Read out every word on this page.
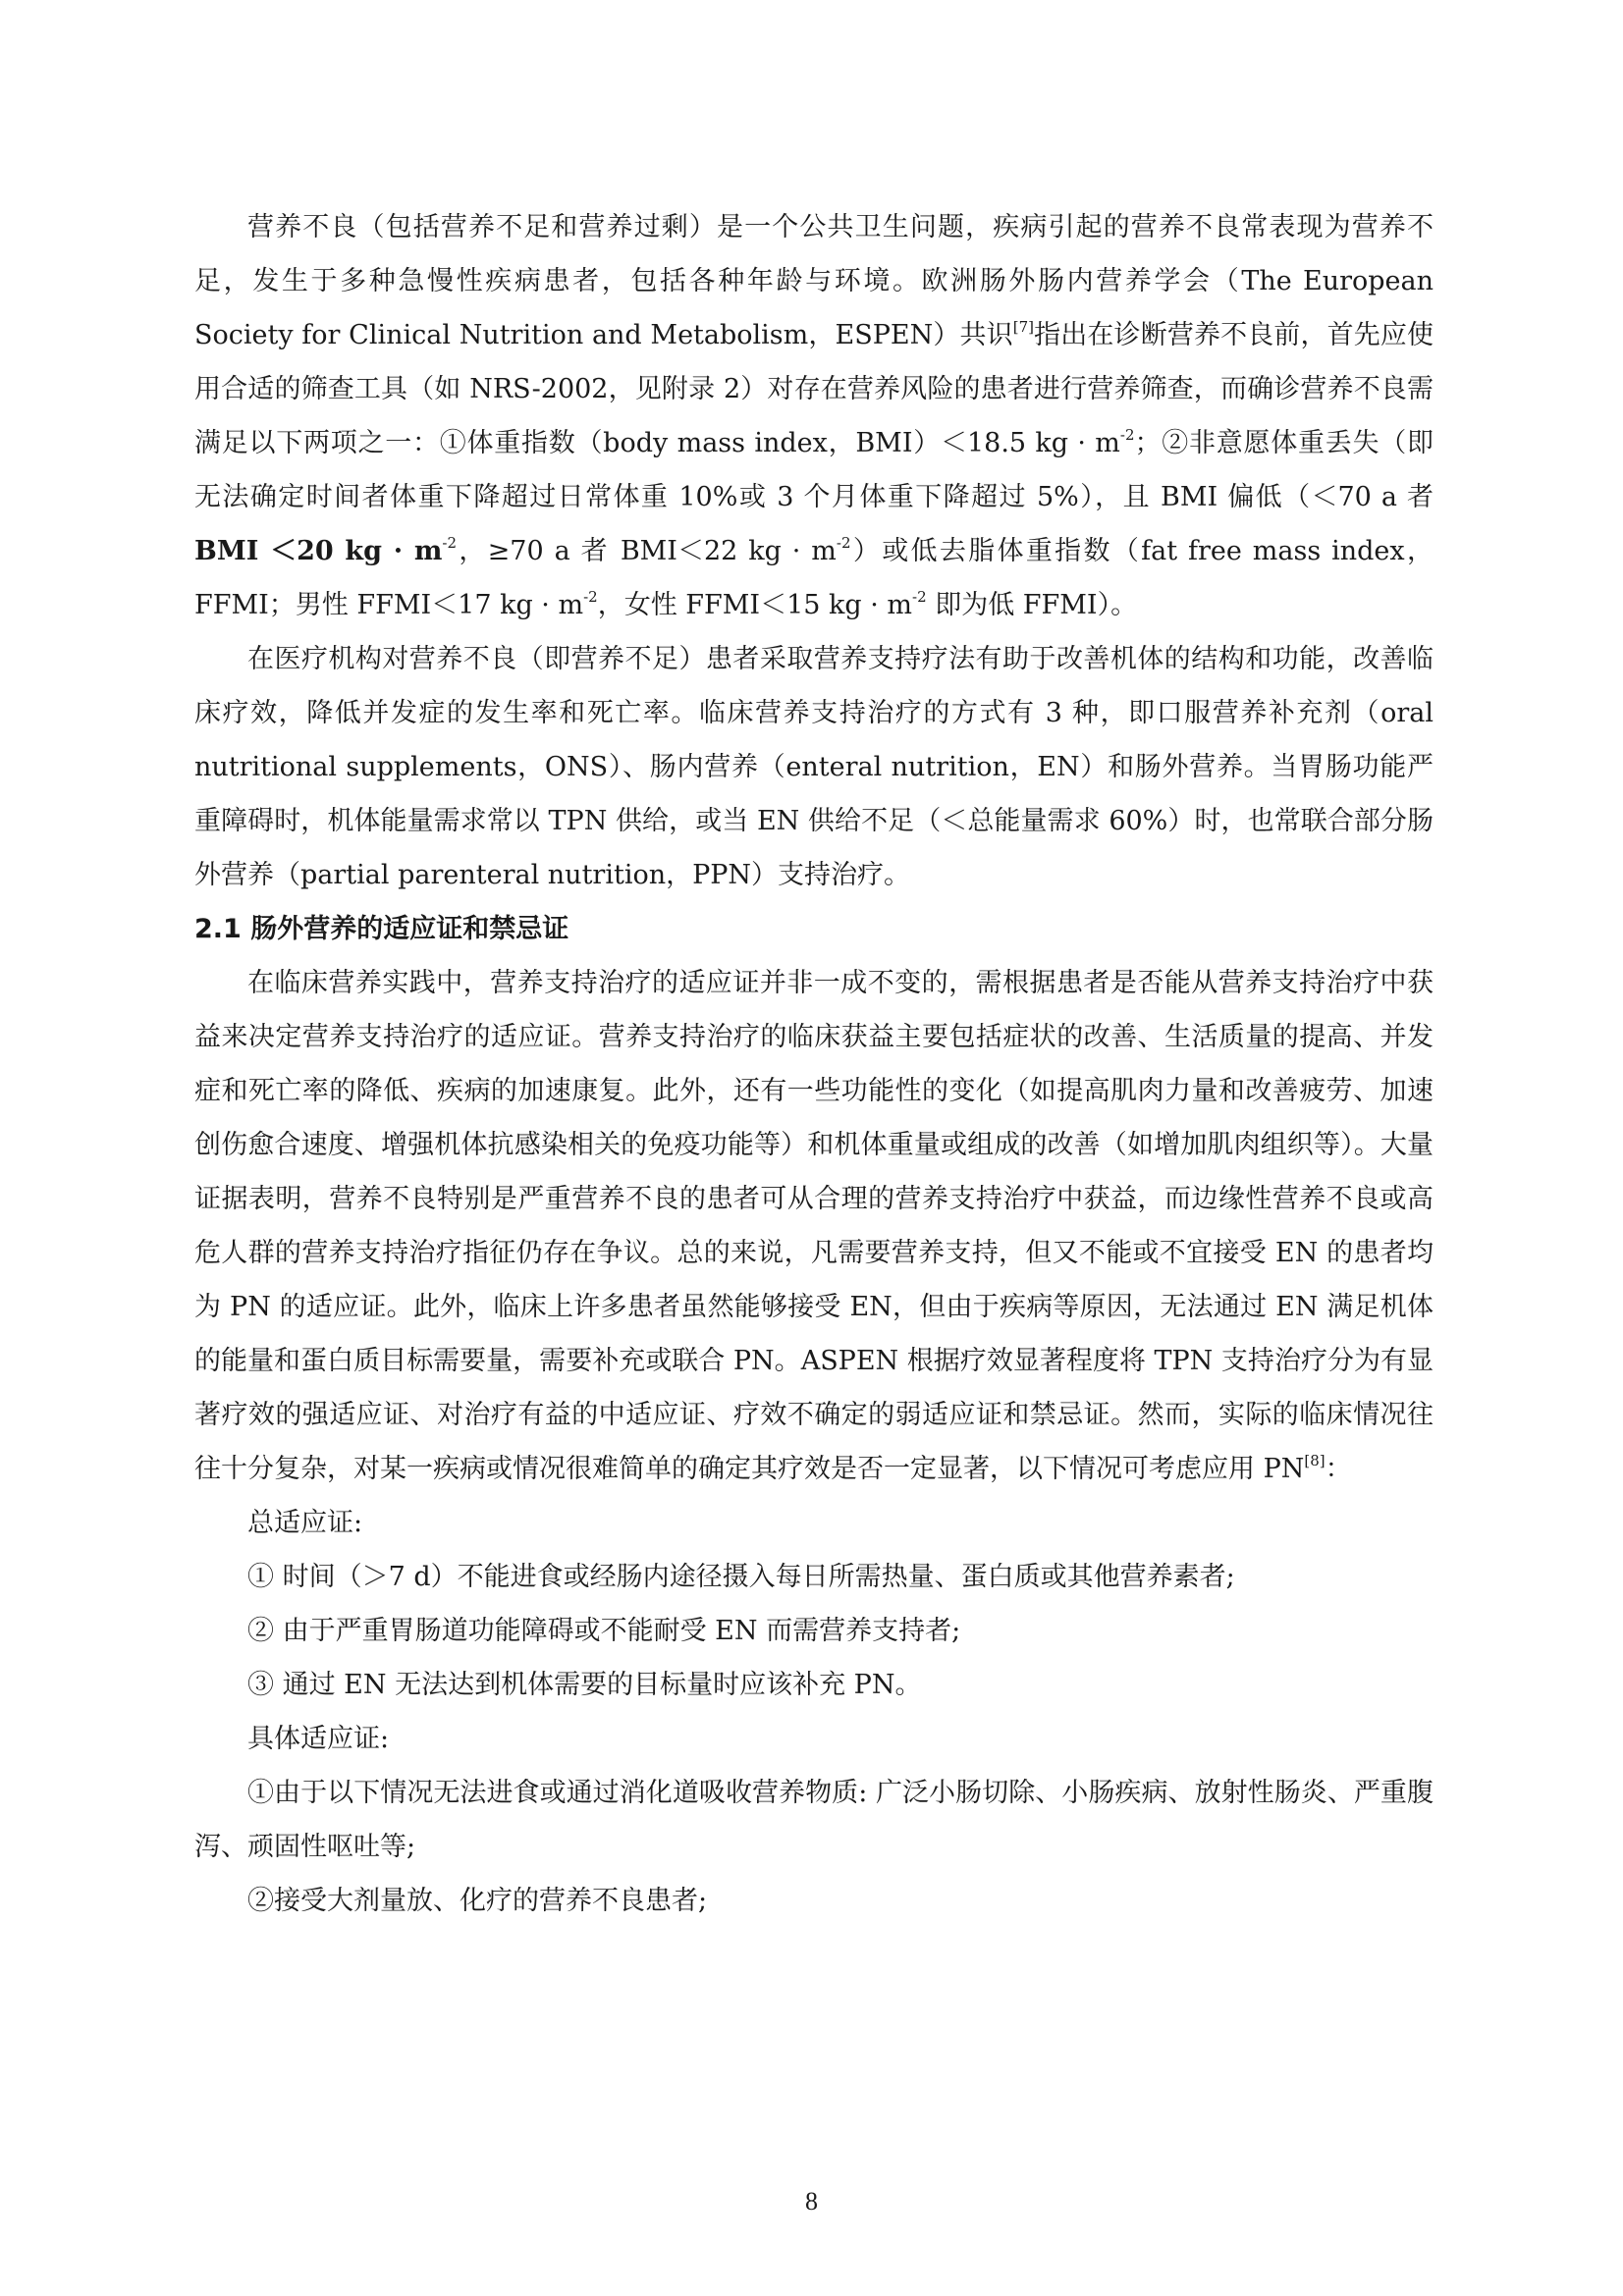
营养不良（包括营养不足和营养过剩）是一个公共卫生问题，疾病引起的营养不良常表现为营养不足，发生于多种急慢性疾病患者，包括各种年龄与环境。欧洲肠外肠内营养学会（The European Society for Clinical Nutrition and Metabolism，ESPEN）共识[7]指出在诊断营养不良前，首先应使用合适的筛查工具（如 NRS-2002，见附录 2）对存在营养风险的患者进行营养筛查，而确诊营养不良需满足以下两项之一：①体重指数（body mass index，BMI）＜18.5 kg · $m^{-2}$；②非意愿体重丢失（即无法确定时间者体重下降超过日常体重 10%或 3 个月体重下降超过 5%），且 BMI 偏低（＜70 a 者 BMI ＜20 kg · $m^{-2}$，≥70 a 者 BMI＜22 kg · $m^{-2}$）或低去脂体重指数（fat free mass index，FFMI；男性 FFMI＜17 kg · $m^{-2}$，女性 FFMI＜15 kg · $m^{-2}$ 即为低 FFMI）。

在医疗机构对营养不良（即营养不足）患者采取营养支持疗法有助于改善机体的结构和功能，改善临床疗效，降低并发症的发生率和死亡率。临床营养支持治疗的方式有 3 种，即口服营养补充剂（oral nutritional supplements，ONS）、肠内营养（enteral nutrition，EN）和肠外营养。当胃肠功能严重障碍时，机体能量需求常以 TPN 供给，或当 EN 供给不足（＜总能量需求 60%）时，也常联合部分肠外营养（partial parenteral nutrition，PPN）支持治疗。

2.1 肠外营养的适应证和禁忌证

在临床营养实践中，营养支持治疗的适应证并非一成不变的，需根据患者是否能从营养支持治疗中获益来决定营养支持治疗的适应证。营养支持治疗的临床获益主要包括症状的改善、生活质量的提高、并发症和死亡率的降低、疾病的加速康复。此外，还有一些功能性的变化（如提高肌肉力量和改善疲劳、加速创伤愈合速度、增强机体抗感染相关的免疫功能等）和机体重量或组成的改善（如增加肌肉组织等）。大量证据表明，营养不良特别是严重营养不良的患者可从合理的营养支持治疗中获益，而边缘性营养不良或高危人群的营养支持治疗指征仍存在争议。总的来说，凡需要营养支持，但又不能或不宜接受 EN 的患者均为 PN 的适应证。此外，临床上许多患者虽然能够接受 EN，但由于疾病等原因，无法通过 EN 满足机体的能量和蛋白质目标需要量，需要补充或联合 PN。ASPEN 根据疗效显著程度将 TPN 支持治疗分为有显著疗效的强适应证、对治疗有益的中适应证、疗效不确定的弱适应证和禁忌证。然而，实际的临床情况往往十分复杂，对某一疾病或情况很难简单的确定其疗效是否一定显著，以下情况可考虑应用 PN[8]：

总适应证:

① 时间（＞7 d）不能进食或经肠内途径摄入每日所需热量、蛋白质或其他营养素者;

② 由于严重胃肠道功能障碍或不能耐受 EN 而需营养支持者;

③ 通过 EN 无法达到机体需要的目标量时应该补充 PN。

具体适应证:

①由于以下情况无法进食或通过消化道吸收营养物质: 广泛小肠切除、小肠疾病、放射性肠炎、严重腹泻、顽固性呕吐等;

②接受大剂量放、化疗的营养不良患者;

8
